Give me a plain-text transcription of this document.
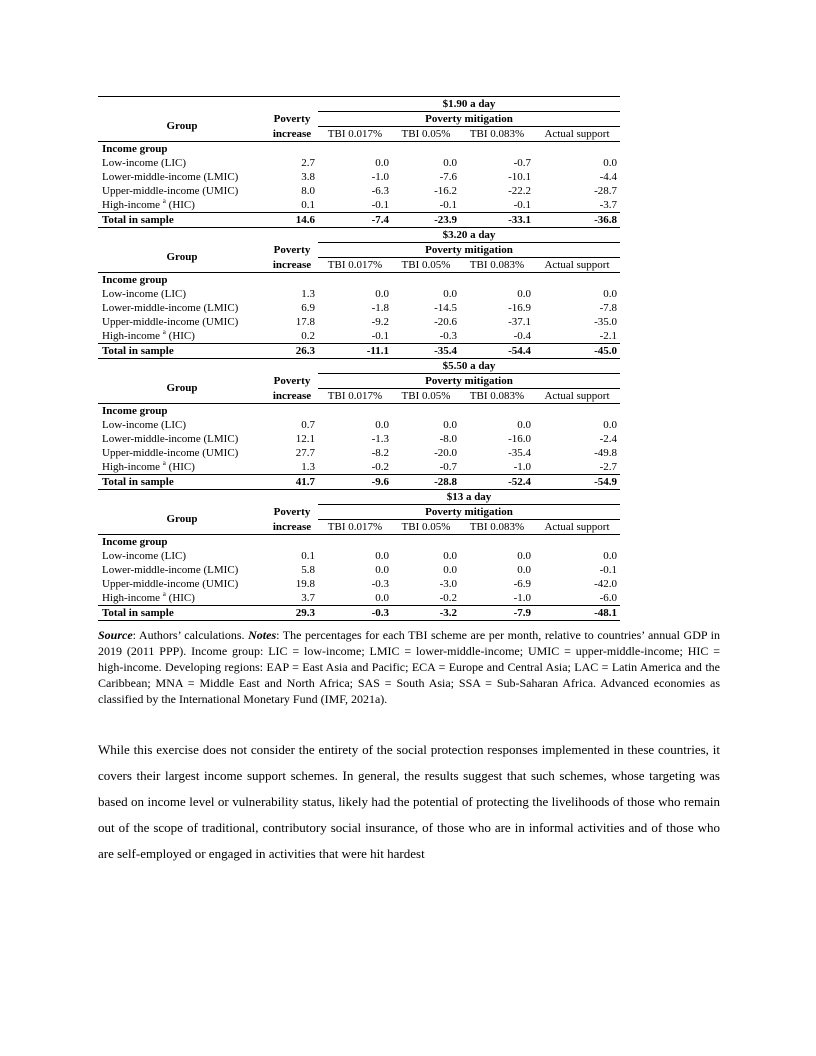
		$1.90 a day			
Group	Poverty	Poverty mitigation			
	increase	TBI 0.017%	TBI 0.05%	TBI 0.083%	Actual support
Income group					
Low-income (LIC)	2.7	0.0	0.0	-0.7	0.0
Lower-middle-income (LMIC)	3.8	-1.0	-7.6	-10.1	-4.4
Upper-middle-income (UMIC)	8.0	-6.3	-16.2	-22.2	-28.7
High-income $^a$ (HIC)	0.1	-0.1	-0.1	-0.1	-3.7
Total in sample	14.6	-7.4	-23.9	-33.1	-36.8
		$3.20 a day			
Group	Poverty	Poverty mitigation			
	increase	TBI 0.017%	TBI 0.05%	TBI 0.083%	Actual support
Income group					
Low-income (LIC)	1.3	0.0	0.0	0.0	0.0
Lower-middle-income (LMIC)	6.9	-1.8	-14.5	-16.9	-7.8
Upper-middle-income (UMIC)	17.8	-9.2	-20.6	-37.1	-35.0
High-income $^a$ (HIC)	0.2	-0.1	-0.3	-0.4	-2.1
Total in sample	26.3	-11.1	-35.4	-54.4	-45.0
		$5.50 a day			
Group	Poverty	Poverty mitigation			
	increase	TBI 0.017%	TBI 0.05%	TBI 0.083%	Actual support
Income group					
Low-income (LIC)	0.7	0.0	0.0	0.0	0.0
Lower-middle-income (LMIC)	12.1	-1.3	-8.0	-16.0	-2.4
Upper-middle-income (UMIC)	27.7	-8.2	-20.0	-35.4	-49.8
High-income $^a$ (HIC)	1.3	-0.2	-0.7	-1.0	-2.7
Total in sample	41.7	-9.6	-28.8	-52.4	-54.9
		$13 a day			
Group	Poverty	Poverty mitigation			
	increase	TBI 0.017%	TBI 0.05%	TBI 0.083%	Actual support
Income group					
Low-income (LIC)	0.1	0.0	0.0	0.0	0.0
Lower-middle-income (LMIC)	5.8	0.0	0.0	0.0	-0.1
Upper-middle-income (UMIC)	19.8	-0.3	-3.0	-6.9	-42.0
High-income $^a$ (HIC)	3.7	0.0	-0.2	-1.0	-6.0
Total in sample	29.3	-0.3	-3.2	-7.9	-48.1
Source: Authors’ calculations. Notes: The percentages for each TBI scheme are per month, relative to countries’ annual GDP in 2019 (2011 PPP). Income group: LIC = low-income; LMIC = lower-middle-income; UMIC = upper-middle-income; HIC = high-income. Developing regions: EAP = East Asia and Pacific; ECA = Europe and Central Asia; LAC = Latin America and the Caribbean; MNA = Middle East and North Africa; SAS = South Asia; SSA = Sub-Saharan Africa. Advanced economies as classified by the International Monetary Fund (IMF, 2021a).
While this exercise does not consider the entirety of the social protection responses implemented in these countries, it covers their largest income support schemes. In general, the results suggest that such schemes, whose targeting was based on income level or vulnerability status, likely had the potential of protecting the livelihoods of those who remain out of the scope of traditional, contributory social insurance, of those who are in informal activities and of those who are self-employed or engaged in activities that were hit hardest
